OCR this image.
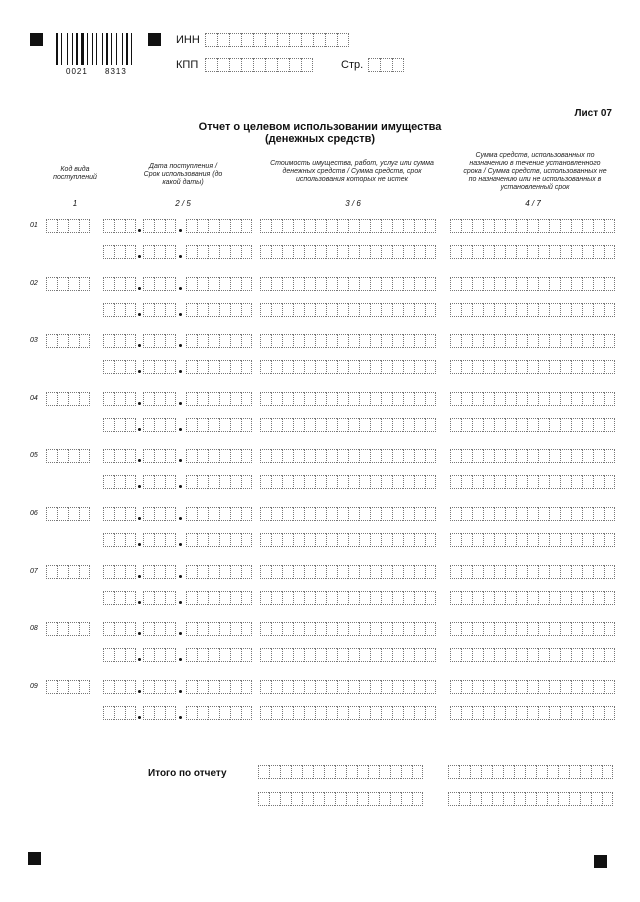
0021 8313
ИНН
КПП	Стр.
Лист 07
Отчет о целевом использовании имущества
(денежных средств)
Код вида поступлений
Дата поступления / Срок использования (до какой даты)
Стоимость имущества, работ, услуг или сумма денежных средств / Сумма средств, срок использования которых не истек
Сумма средств, использованных по назначению в течение установленного срока / Сумма средств, использованных не по назначению или не использованных в установленный срок
1	2 / 5	3 / 6	4 / 7
01
02
03
04
05
06
07
08
09
Итого по отчету
